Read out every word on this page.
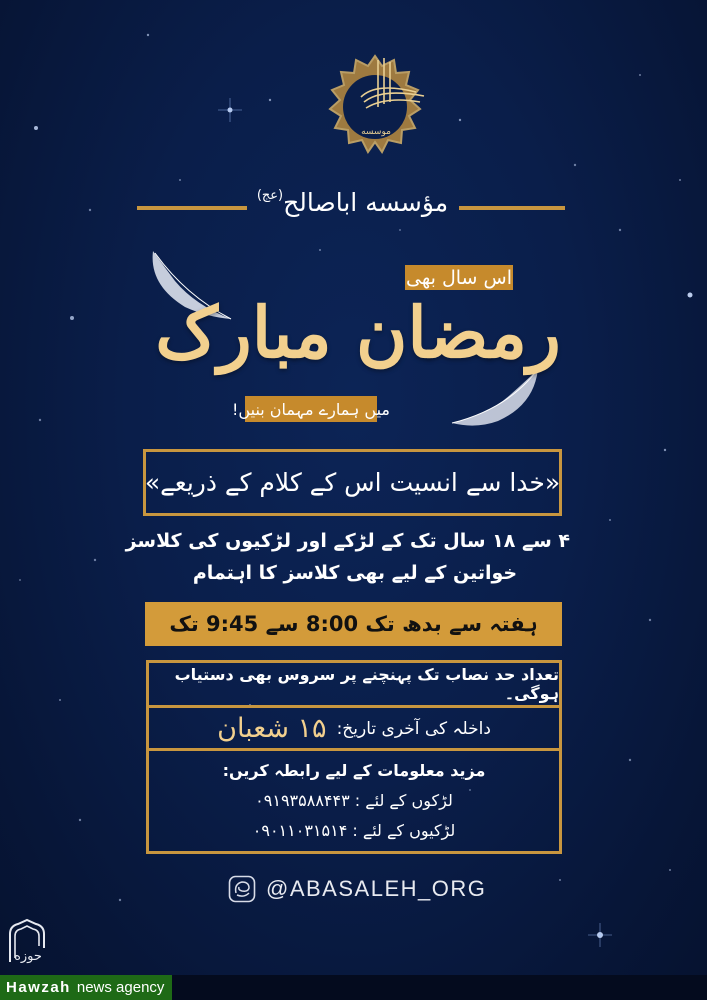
موسسه
مؤسسه اباصالح$^{(عج)}$
اس سال بھی
رمضان مبارک
میں ہمارے مہمان بنیں!
«خدا سے انسیت اس کے کلام کے ذریعے»
۴ سے ۱۸ سال تک کے لڑکے اور لڑکیوں کی کلاسز
خواتین کے لیے بھی کلاسز کا اہتمام
ہفتہ سے بدھ تک 8:00 سے 9:45 تک
تعداد حد نصاب تک پہنچنے پر سروس بھی دستیاب ہوگی۔
داخلہ کی آخری تاریخ:
۱۵ شعبان
مزید معلومات کے لیے رابطہ کریں:
لڑکوں کے لئے : ۰۹۱۹۳۵۸۸۴۴۳
لڑکیوں کے لئے : ۰۹۰۱۱۰۳۱۵۱۴
@ABASALEH_ORG
حوزه
Hawzah news agency
